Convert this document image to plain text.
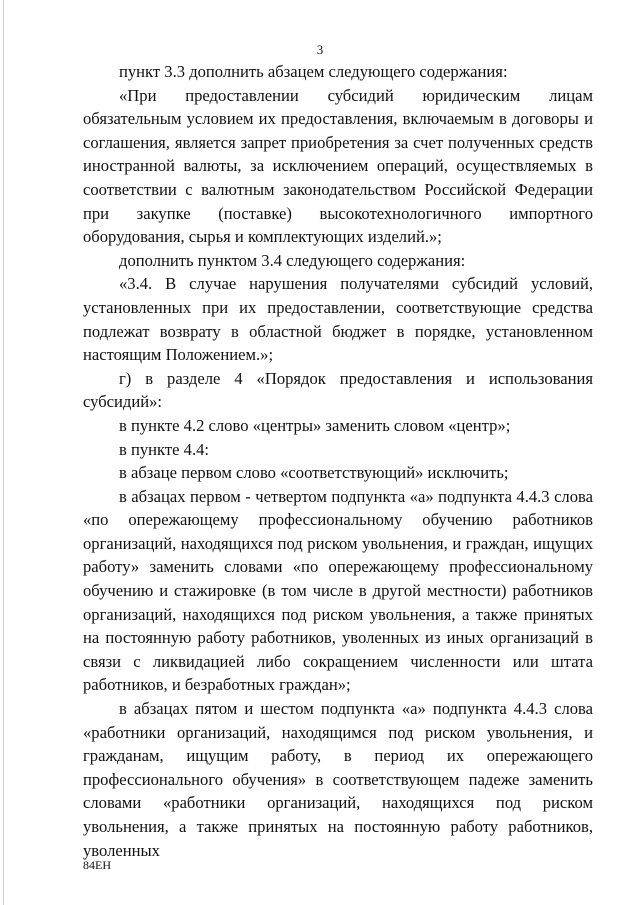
3

пункт 3.3 дополнить абзацем следующего содержания:

«При предоставлении субсидий юридическим лицам обязательным условием их предоставления, включаемым в договоры и соглашения, является запрет приобретения за счет полученных средств иностранной валюты, за исключением операций, осуществляемых в соответствии с валютным законодательством Российской Федерации при закупке (поставке) высокотехнологичного импортного оборудования, сырья и комплектующих изделий.»;

дополнить пунктом 3.4 следующего содержания:

«3.4. В случае нарушения получателями субсидий условий, установленных при их предоставлении, соответствующие средства подлежат возврату в областной бюджет в порядке, установленном настоящим Положением.»;

г) в разделе 4 «Порядок предоставления и использования субсидий»:

в пункте 4.2 слово «центры» заменить словом «центр»;

в пункте 4.4:

в абзаце первом слово «соответствующий» исключить;

в абзацах первом - четвертом подпункта «а» подпункта 4.4.3 слова «по опережающему профессиональному обучению работников организаций, находящихся под риском увольнения, и граждан, ищущих работу» заменить словами «по опережающему профессиональному обучению и стажировке (в том числе в другой местности) работников организаций, находящихся под риском увольнения, а также принятых на постоянную работу работников, уволенных из иных организаций в связи с ликвидацией либо сокращением численности или штата работников, и безработных граждан»;

в абзацах пятом и шестом подпункта «а» подпункта 4.4.3 слова «работники организаций, находящимся под риском увольнения, и гражданам, ищущим работу, в период их опережающего профессионального обучения» в соответствующем падеже заменить словами «работники организаций, находящихся под риском увольнения, а также принятых на постоянную работу работников, уволенных

84ЕН
